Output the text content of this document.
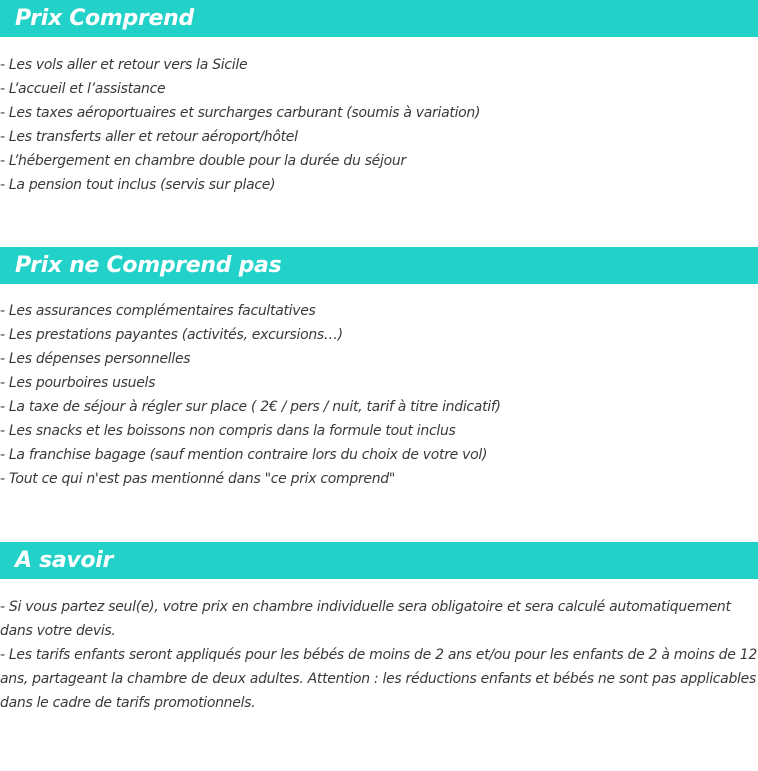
Prix Comprend
- Les vols aller et retour vers la Sicile
- L’accueil et l’assistance
- Les taxes aéroportuaires et surcharges carburant (soumis à variation)
- Les transferts aller et retour aéroport/hôtel
- L’hébergement en chambre double pour la durée du séjour
- La pension tout inclus (servis sur place)
Prix ne Comprend pas
- Les assurances complémentaires facultatives
- Les prestations payantes (activités, excursions…)
- Les dépenses personnelles
- Les pourboires usuels
- La taxe de séjour à régler sur place ( 2€ / pers / nuit, tarif à titre indicatif)
- Les snacks et les boissons non compris dans la formule tout inclus
- La franchise bagage (sauf mention contraire lors du choix de votre vol)
- Tout ce qui n'est pas mentionné dans "ce prix comprend"
A savoir

- Si vous partez seul(e), votre prix en chambre individuelle sera obligatoire et sera calculé automatiquement dans votre devis.

- Les tarifs enfants seront appliqués pour les bébés de moins de 2 ans et/ou pour les enfants de 2 à moins de 12 ans, partageant la chambre de deux adultes. Attention : les réductions enfants et bébés ne sont pas applicables dans le cadre de tarifs promotionnels.
